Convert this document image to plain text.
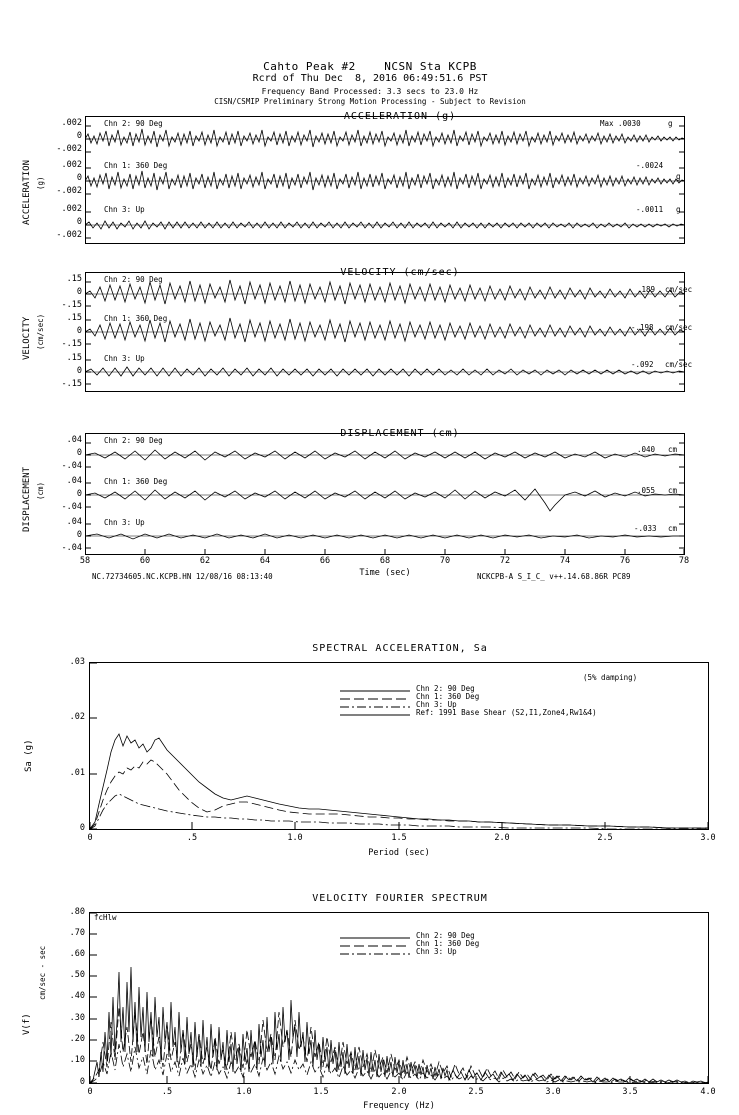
Cahto Peak #2    NCSN Sta KCPB
Rcrd of Thu Dec  8, 2016 06:49:51.6 PST
Frequency Band Processed: 3.3 secs to 23.0 Hz
CISN/CSMIP Preliminary Strong Motion Processing - Subject to Revision
ACCELERATION (g)
ACCELERATION (g)
.002
0
-.002
.002
0
-.002
.002
0
-.002
Chn 2: 90 Deg
Chn 1: 360 Deg
Chn 3: Up
Max .0030	g
-.0024
g
-.0011 g
VELOCITY (cm/sec)
VELOCITY (cm/sec)
.15
0
-.15
.15
0
-.15
.15
0
-.15
Chn 2: 90 Deg
Chn 1: 360 Deg
Chn 3: Up
.189 cm/sec
-.198 cm/sec
-.092 cm/sec
DISPLACEMENT (cm)
DISPLACEMENT (cm)
.04
0
-.04
.04
0
-.04
.04
0
-.04
Chn 2: 90 Deg
Chn 1: 360 Deg
Chn 3: Up
.040 cm
.055 cm
-.033 cm
58	60	62	64	66	68	70	72	74	76	78
Time (sec)
NC.72734605.NC.KCPB.HN 12/08/16 08:13:40	NCKCPB-A S_I_C_ v++.14.68.86R PC89
SPECTRAL ACCELERATION, Sa
Sa (g)
.03
.02
.01
0
0	.5	1.0	1.5	2.0	2.5	3.0
Period (sec)
(5% damping)
Chn 2: 90 Deg
Chn 1: 360 Deg
Chn 3: Up
Ref: 1991 Base Shear (S2,I1,Zone4,Rw1&4)
VELOCITY FOURIER SPECTRUM
V(f)
cm/sec - sec
fcHlw
.80
.70
.60
.50
.40
.30
.20
.10
0
0	.5	1.0	1.5	2.0	2.5	3.0	3.5	4.0
Frequency (Hz)
Chn 2: 90 Deg
Chn 1: 360 Deg
Chn 3: Up
